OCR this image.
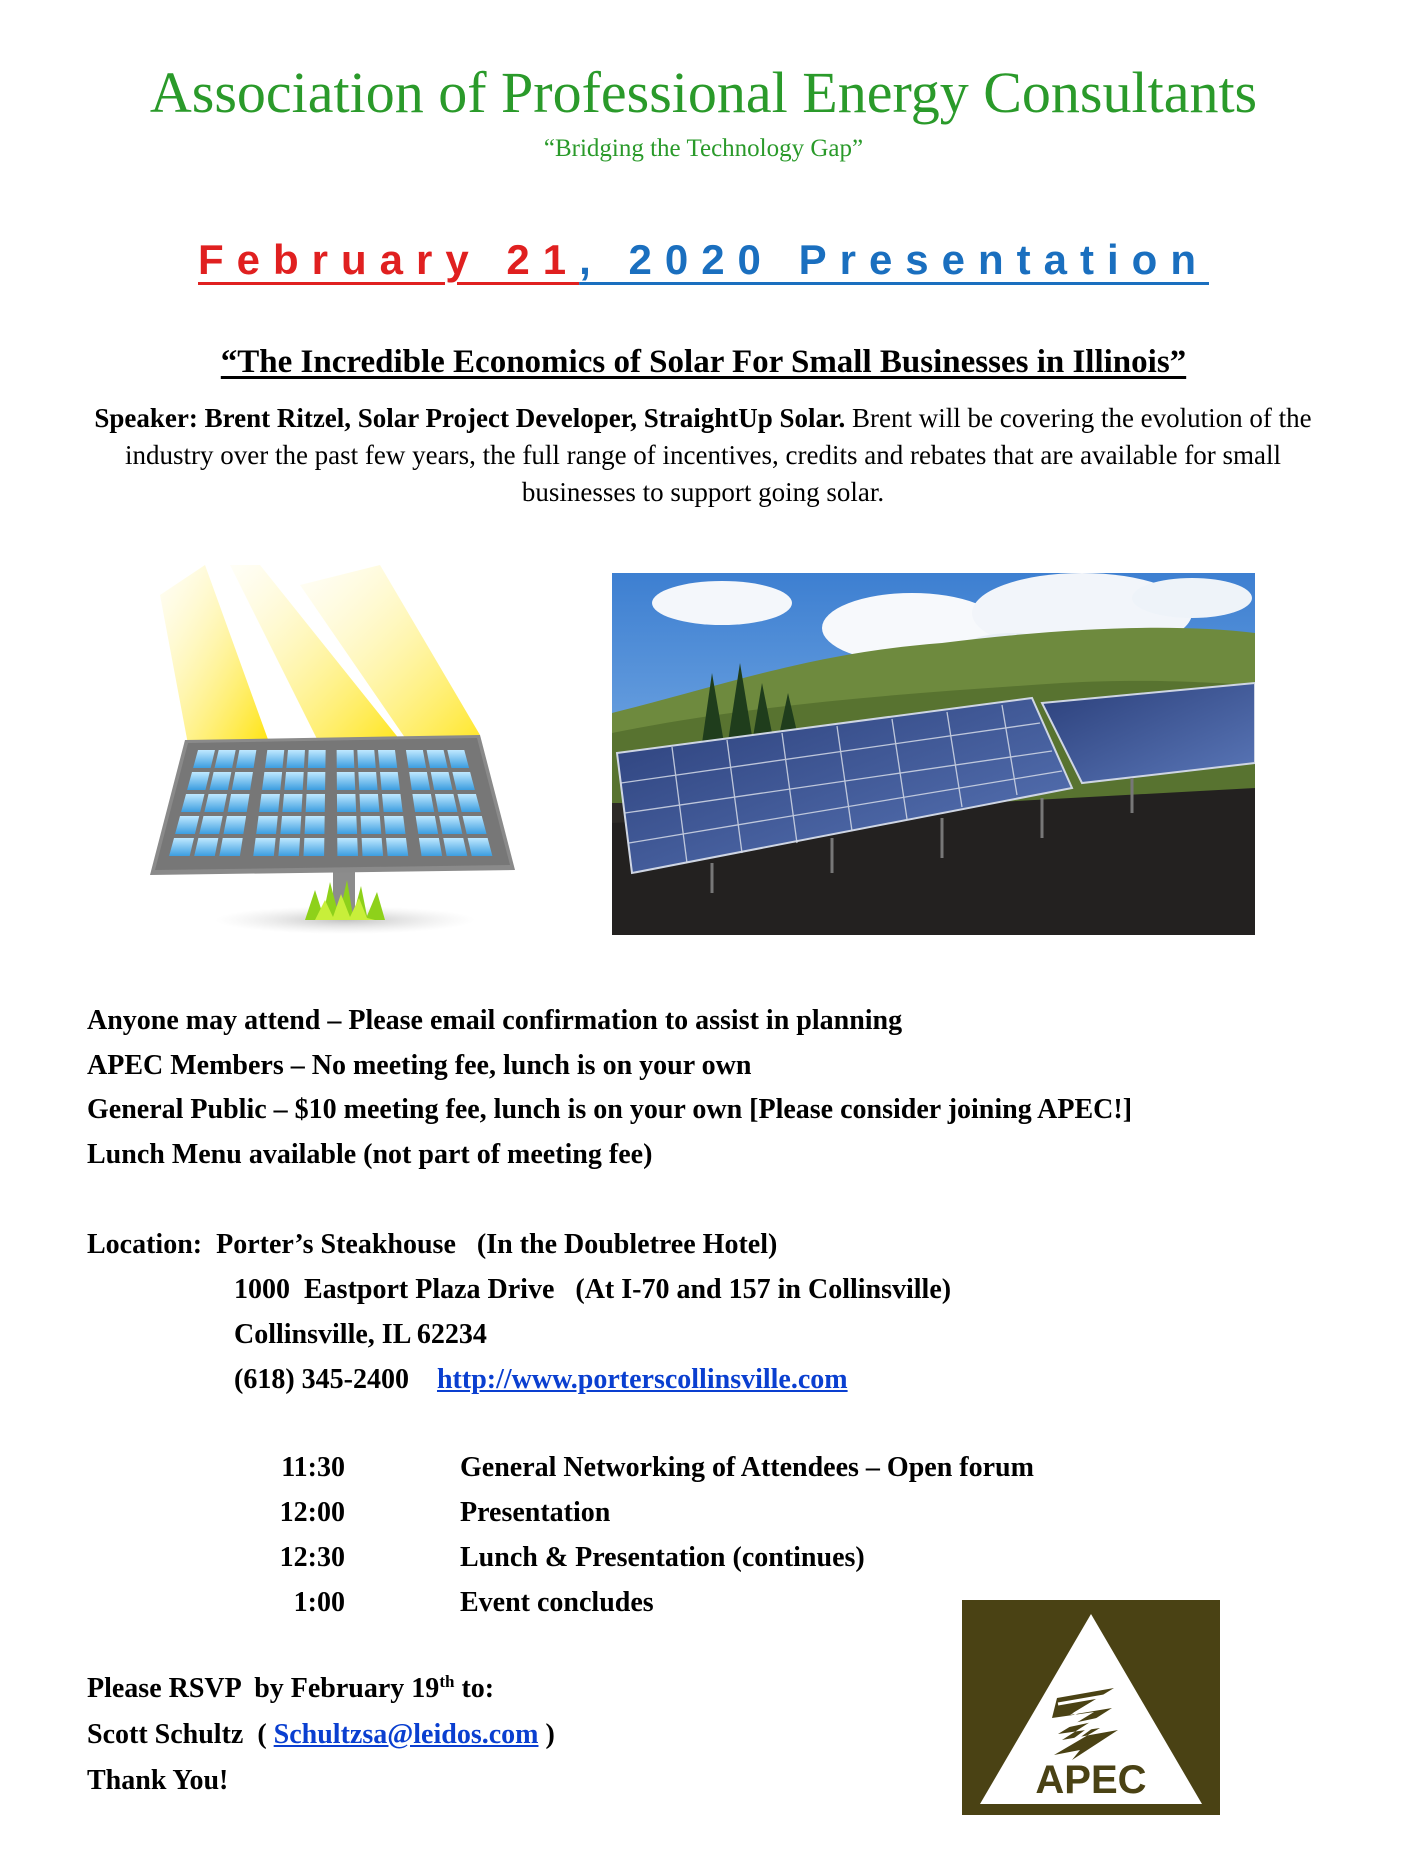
Association of Professional Energy Consultants
“Bridging the Technology Gap”
February 21, 2020 Presentation
“The Incredible Economics of Solar For Small Businesses in Illinois”
Speaker: Brent Ritzel, Solar Project Developer, StraightUp Solar. Brent will be covering the evolution of the industry over the past few years, the full range of incentives, credits and rebates that are available for small businesses to support going solar.
Anyone may attend – Please email confirmation to assist in planning
APEC Members – No meeting fee, lunch is on your own
General Public – $10 meeting fee, lunch is on your own [Please consider joining APEC!]
Lunch Menu available (not part of meeting fee)
Location: Porter’s Steakhouse   (In the Doubletree Hotel)
1000  Eastport Plaza Drive   (At I-70 and 157 in Collinsville)
Collinsville, IL 62234
(618) 345-2400 http://www.porterscollinsville.com
11:30	General Networking of Attendees – Open forum
12:00	Presentation
12:30	Lunch & Presentation (continues)
1:00	Event concludes
Please RSVP  by February 19th to:
Scott Schultz  ( Schultzsa@leidos.com )
Thank You!	APEC
